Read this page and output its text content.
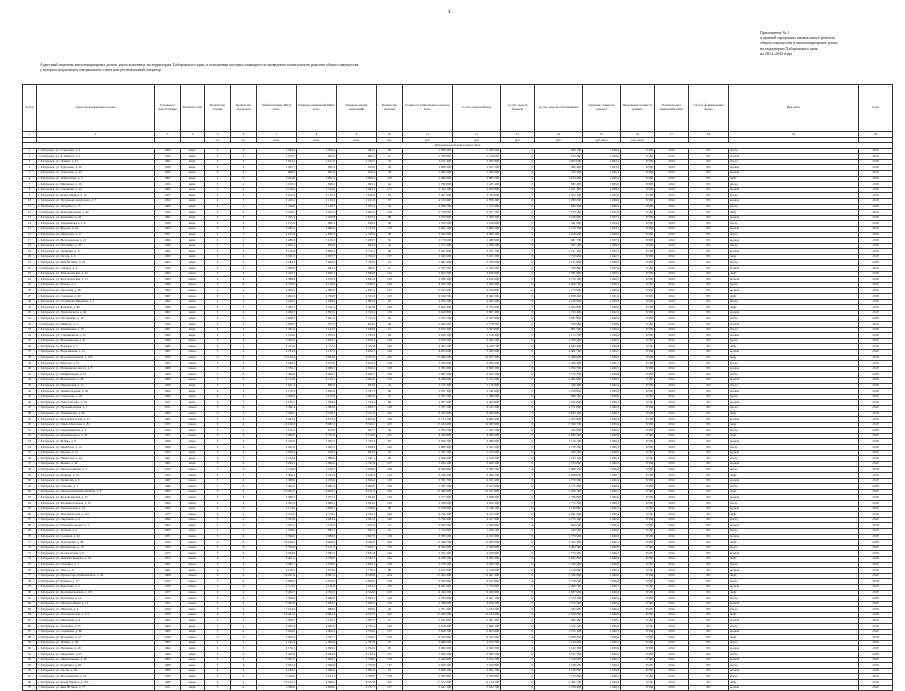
4
Приложение № 1
к краевой программе капитального ремонта
общего имущества в многоквартирных домах
на территории Хабаровского края
на 2014–2043 годы
Адресный перечень многоквартирных домов, расположенных на территории Хабаровского края, в отношении которых планируется проведение капитального ремонта общего имущества
у которых владельцем специального счета или региональный оператор
№ п/п	Адрес многоквартирного дома	Год ввода в эксплуатацию	Материал стен	Количество этажей	Количество подъездов	Общая площадь МКД, всего	Площадь помещений МКД, всего	Площадь жилых помещений	Количество жителей	Стоимость капитального ремонта, всего	за счет средств Фонда	за счет средств бюджета	за счет средств собственников	Удельная стоимость ремонта	Предельная стоимость ремонта	Плановая дата завершения работ	Способ формирования фонда	Вид работ	Срок
1	2	3	4	5	6	7	8	9	10	11	12	13	14	15	16	17	18	19	20
				ед.	ед.	кв.м	кв.м	кв.м	чел.	руб.	руб.	руб.	руб.	руб./кв.м	руб./кв.м				
Муниципальный район имени Лазо																			
1	г. Хабаровск, ул. Серышева, д. 6	1960	кирп.	4	2	1 264,6	1 056,4	982,3	48	2 058 300	1 450 200	0	608 100	1 948,4	8 500	2014	РО	фасад	2018
2	г. Хабаровск, ул. К. Маркса, д. 5	1956	кирп.	3	2	1 078,2	902,5	866,1	41	1 740 900	1 130 600	0	610 300	1 929,0	8 500	2014	РО	кровля	2018
3	г. Хабаровск, ул. Ленина, д. 12	1961	кирп.	4	3	1 854,3	1 611,0	1 520,7	74	3 211 400	2 207 800	0	1 003 600	1 993,4	8 500	2014	РО	фасад	2018
4	г. Хабаровск, ул. Тургенева, д. 30	1958	кирп.	3	2	1 002,7	864,3	812,0	36	1 688 500	1 102 100	0	586 400	1 953,6	8 500	2014	РО	кровля	2018
5	г. Хабаровск, ул. Тургенева, д. 32	1959	кирп.	3	2	998,5	861,9	810,4	39	1 660 200	1 090 000	0	570 200	1 926,2	8 500	2014	РО	кровля	2018
6	г. Хабаровск, ул. Лермонтова, д. 3	1962	кирп.	5	4	3 204,8	2 801,4	2 690,2	126	5 480 000	3 805 700	0	1 674 300	1 956,2	8 500	2014	РО	лифт	2018
7	г. Хабаровск, ул. Шевченко, д. 10	1955	кирп.	3	2	1 120,5	960,2	900,1	44	1 790 800	1 205 400	0	585 400	1 865,0	8 500	2014	РО	фасад	2018
8	г. Хабаровск, ул. Серышева, д. 22	1963	кирп.	5	4	3 118,6	2 744,9	2 602,5	131	5 322 100	3 650 800	0	1 671 300	1 938,9	8 500	2014	РО	кровля	2018
9	г. Хабаровск, ул. Карла Маркса, д. 19	1957	кирп.	4	3	2 012,4	1 745,3	1 650,8	83	3 407 900	2 335 600	0	1 072 300	1 952,6	8 500	2014	РО	фасад	2018
10	г. Хабаровск, ул. Муравьева-Амурского, д. 7	1954	кирп.	4	3	2 450,1	2 130,0	2 011,6	97	4 150 400	2 870 200	0	1 280 200	1 948,6	8 500	2014	РО	кровля	2018
11	г. Хабаровск, ул. Запарина, д. 15	1960	кирп.	4	2	1 310,9	1 140,7	1 075,3	52	2 208 700	1 512 400	0	696 300	1 936,3	8 500	2014	РО	фасад	2018
12	г. Хабаровск, ул. Комсомольская, д. 40	1959	кирп.	5	4	3 356,2	2 952,3	2 801,0	140	5 730 600	3 977 100	0	1 753 500	1 941,0	8 500	2014	РО	лифт	2018
13	г. Хабаровск, ул. Калинина, д. 26	1961	кирп.	4	3	2 205,4	1 920,8	1 815,2	88	3 720 900	2 580 300	0	1 140 600	1 937,2	8 500	2014	РО	кровля	2018
14	г. Хабаровск, ул. Дзержинского, д. 8	1958	кирп.	3	2	1 015,6	880,1	828,4	40	1 702 500	1 160 900	0	541 600	1 934,4	8 500	2014	РО	фасад	2018
15	г. Хабаровск, ул. Фрунзе, д. 44	1962	кирп.	5	4	3 280,3	2 880,6	2 733,9	135	5 601 200	3 890 500	0	1 710 700	1 944,5	8 500	2014	РО	кровля	2018
16	г. Хабаровск, ул. Шеронова, д. 11	1957	кирп.	4	3	2 101,8	1 835,2	1 730,6	86	3 560 300	2 460 100	0	1 100 200	1 940,0	8 500	2014	РО	фасад	2018
17	г. Хабаровск, ул. Волочаевская, д. 21	1960	кирп.	4	2	1 288,4	1 120,3	1 058,7	50	2 170 600	1 488 900	0	681 700	1 937,5	8 500	2014	РО	кровля	2018
18	г. Хабаровск, ул. Истомина, д. 33	1956	кирп.	3	2	1 042,1	905,6	852,8	42	1 755 300	1 198 200	0	557 100	1 938,3	8 500	2014	РО	фасад	2018
19	г. Хабаровск, ул. Пушкина, д. 17	1961	кирп.	4	3	2 156,9	1 880,4	1 776,1	90	3 642 800	2 521 700	0	1 121 100	1 937,2	8 500	2014	РО	кровля	2018
20	г. Хабаровск, ул. Гоголя, д. 6	1959	кирп.	5	4	3 301,5	2 903,7	2 752,4	137	5 640 900	3 911 300	0	1 729 600	1 942,7	8 500	2014	РО	лифт	2018
21	г. Хабаровск, ул. Ким Ю Чена, д. 24	1963	кирп.	4	3	2 180,2	1 899,6	1 795,0	91	3 682 400	2 550 600	0	1 131 800	1 938,5	8 500	2014	РО	фасад	2018
22	г. Хабаровск, ул. Гайдара, д. 9	1958	кирп.	3	2	1 030,8	893,2	840,5	41	1 731 000	1 180 200	0	550 800	1 937,9	8 500	2014	РО	кровля	2018
23	г. Хабаровск, ул. Тихоокеанская, д. 52	1964	панел.	5	4	3 410,7	3 002,1	2 846,8	142	5 822 700	4 040 900	0	1 781 800	1 939,5	8 500	2014	РО	лифт	2018
24	г. Хабаровск, ул. Краснодарская, д. 13	1965	панел.	5	4	3 388,0	2 978,4	2 825,2	139	5 780 300	4 010 200	0	1 770 100	1 940,7	8 500	2014	РО	кровля	2018
25	г. Хабаровск, ул. Вахова, д. 5	1966	панел.	5	6	4 720,6	4 150,9	3 939,5	196	8 050 100	5 580 400	0	2 469 700	1 939,3	8 500	2014	РО	фасад	2018
26	г. Хабаровск, ул. Аксенова, д. 28	1964	панел.	5	4	3 395,2	2 986,0	2 832,1	141	5 793 400	4 019 800	0	1 773 600	1 940,2	8 500	2014	РО	кровля	2018
27	г. Хабаровск, ул. Суворова, д. 40	1967	панел.	9	2	5 402,3	4 760,8	4 521,6	223	9 240 700	6 402 500	0	2 838 200	1 941,0	8 500	2014	РО	лифт	2018
28	г. Хабаровск, ул. Салтыкова-Щедрина, д. 4	1962	кирп.	4	3	2 190,5	1 908,9	1 803,3	92	3 700 100	2 563 200	0	1 136 900	1 938,4	8 500	2014	РО	фасад	2018
29	г. Хабаровск, ул. Большая, д. 88	1968	панел.	9	2	5 380,1	4 742,4	4 503,8	220	9 200 400	6 375 600	0	2 824 800	1 940,0	8 500	2014	РО	лифт	2018
30	г. Хабаровск, ул. Луначарского, д. 66	1963	кирп.	5	4	3 290,7	2 893,5	2 743,1	136	5 620 800	3 897 400	0	1 723 400	1 942,5	8 500	2014	РО	кровля	2018
31	г. Хабаровск, ул. Постышева, д. 14	1957	кирп.	4	3	2 098,3	1 831,0	1 727,4	85	3 553 700	2 455 800	0	1 097 900	1 940,9	8 500	2014	РО	фасад	2018
32	г. Хабаровск, ул. Шмидта, д. 3	1959	кирп.	3	2	1 008,9	875,4	824,0	40	1 698 200	1 158 300	0	539 900	1 939,9	8 500	2014	РО	кровля	2018
33	г. Хабаровск, ул. Тимирязева, д. 19	1961	кирп.	4	2	1 301,6	1 132,5	1 069,8	51	2 195 300	1 503 800	0	691 500	1 938,4	8 500	2014	РО	фасад	2018
34	г. Хабаровск, ул. Станционная, д. 22	1960	кирп.	4	3	2 144,0	1 870,2	1 765,9	89	3 626 100	2 510 400	0	1 115 700	1 938,9	8 500	2014	РО	кровля	2018
35	г. Хабаровск, ул. Воронежская, д. 41	1966	панел.	5	4	3 402,9	2 994,7	2 840,3	140	5 810 500	4 030 100	0	1 780 400	1 940,2	8 500	2014	РО	фасад	2018
36	г. Хабаровск, ул. Бондаря, д. 7	1969	панел.	9	2	5 415,6	4 772,3	4 532,8	225	9 262 100	6 418 700	0	2 843 400	1 940,8	8 500	2014	РО	лифт	2018
37	г. Хабаровск, ул. Ворошилова, д. 12	1967	панел.	5	6	4 705,2	4 137,5	3 926,1	194	8 025 600	5 563 900	0	2 461 700	1 939,7	8 500	2014	РО	кровля	2018
38	г. Хабаровск, ул. Краснореченская, д. 109	1970	панел.	9	4	10 210,4	9 004,8	8 555,6	425	17 468 200	12 107 300	0	5 360 900	1 939,9	8 500	2014	РО	лифт	2018
39	г. Хабаровск, ул. Юности, д. 10	1965	панел.	5	4	3 380,6	2 972,0	2 819,3	138	5 768 900	4 002 600	0	1 766 300	1 941,1	8 500	2014	РО	фасад	2018
40	г. Хабаровск, ул. Матвеевское шоссе, д. 3	1968	панел.	5	4	3 376,1	2 968,5	2 816,4	139	5 761 000	3 996 300	0	1 764 700	1 940,7	8 500	2014	РО	кровля	2018
41	г. Хабаровск, ул. Панфиловцев, д. 21	1964	панел.	5	4	3 399,8	2 990,2	2 836,7	140	5 800 300	4 024 100	0	1 776 200	1 939,8	8 500	2014	РО	фасад	2018
42	г. Хабаровск, ул. Вокзальная, д. 56	1966	панел.	5	6	4 712,8	4 144,1	3 932,6	195	8 038 000	5 572 200	0	2 465 800	1 939,6	8 500	2014	РО	кровля	2018
43	г. Хабаровск, ул. Пионерская, д. 11	1958	кирп.	3	2	1 021,4	885,0	833,6	41	1 717 300	1 170 900	0	546 400	1 940,4	8 500	2014	РО	фасад	2018
44	г. Хабаровск, ул. Ленинградская, д. 30	1962	кирп.	4	3	2 170,3	1 892,6	1 787,2	90	3 671 500	2 542 900	0	1 128 600	1 939,9	8 500	2014	РО	кровля	2018
45	г. Хабаровск, ул. Советская, д. 18	1960	кирп.	4	2	1 296,2	1 127,8	1 065,0	51	2 187 700	1 498 600	0	689 100	1 939,8	8 500	2014	РО	фасад	2018
46	г. Хабаровск, ул. Льва Толстого, д. 22	1957	кирп.	4	3	2 106,7	1 838,9	1 734,2	86	3 567 600	2 464 800	0	1 102 800	1 940,1	8 500	2014	РО	кровля	2018
47	г. Хабаровск, ул. Промышленная, д. 7	1971	панел.	5	4	3 392,4	2 982,6	2 829,7	140	5 787 100	4 015 300	0	1 771 800	1 940,3	8 500	2014	РО	фасад	2018
48	г. Хабаровск, ул. Ульяновская, д. 60	1969	панел.	9	2	5 398,7	4 758,1	4 517,9	222	9 233 900	6 399 800	0	2 834 100	1 940,7	8 500	2014	РО	лифт	2018
49	г. Хабаровск, ул. Краснофлотская, д. 25	1965	панел.	5	4	3 384,3	2 975,9	2 822,6	139	5 774 200	4 006 400	0	1 767 800	1 940,3	8 500	2014	РО	кровля	2018
50	г. Хабаровск, ул. Павла Морозова, д. 81	1972	панел.	9	4	10 190,8	8 987,3	8 540,1	423	17 434 600	12 083 900	0	5 350 700	1 939,9	8 500	2014	РО	лифт	2018
51	г. Хабаровск, ул. Орджоникидзе, д. 5	1959	кирп.	3	2	1 012,3	878,6	827,1	40	1 704 700	1 162 700	0	542 000	1 940,2	8 500	2014	РО	фасад	2018
52	г. Хабаровск, ул. Малиновского, д. 34	1973	панел.	9	2	5 390,5	4 751,0	4 510,9	221	9 220 800	6 390 400	0	2 830 400	1 940,8	8 500	2014	РО	лифт	2018
53	г. Хабаровск, ул. Кубяка, д. 9	1958	кирп.	4	3	2 120,6	1 850,7	1 745,3	87	3 590 700	2 480 600	0	1 110 100	1 940,2	8 500	2014	РО	кровля	2018
54	г. Хабаровск, ул. Джамбула, д. 14	1966	панел.	5	4	3 401,0	2 992,5	2 838,2	140	5 806 400	4 027 200	0	1 779 200	1 940,3	8 500	2014	РО	фасад	2018
55	г. Хабаровск, ул. Кирова, д. 12	1955	кирп.	3	2	1 060,4	918,3	863,9	43	1 781 500	1 215 200	0	566 300	1 940,0	8 500	2014	РО	кровля	2018
56	г. Хабаровск, ул. Некрасова, д. 44	1961	кирп.	4	3	2 162,8	1 886,0	1 781,1	90	3 659 400	2 534 300	0	1 125 100	1 940,3	8 500	2014	РО	фасад	2018
57	г. Хабаровск, ул. Яшина, д. 40	1963	кирп.	5	4	3 296,1	2 898,2	2 747,9	137	5 624 100	3 900 500	0	1 723 600	1 940,5	8 500	2014	РО	кровля	2018
58	г. Хабаровск, ул. Прогрессивная, д. 4	1970	панел.	5	6	4 716,9	4 148,7	3 936,8	196	8 049 800	5 580 700	0	2 469 100	1 940,3	8 500	2014	РО	фасад	2018
59	г. Хабаровск, ул. Кочнева, д. 16	1974	панел.	9	2	5 406,2	4 765,4	4 526,3	224	9 248 300	6 409 700	0	2 838 600	1 940,7	8 500	2014	РО	лифт	2018
60	г. Хабаровск, ул. Целинная, д. 6	1967	панел.	5	4	3 388,9	2 979,6	2 826,4	139	5 781 700	4 011 400	0	1 770 300	1 940,4	8 500	2014	РО	кровля	2018
61	г. Хабаровск, ул. Сысоева, д. 1	1968	панел.	5	4	3 391,2	2 981,4	2 828,6	140	5 785 100	4 013 900	0	1 771 200	1 940,4	8 500	2014	РО	фасад	2018
62	г. Хабаровск, ул. Пятидесятилетия Октября, д. 8	1969	панел.	9	4	10 205,5	9 000,1	8 551,3	424	17 460 900	12 101 800	0	5 359 100	1 940,1	8 500	2014	РО	лифт	2018
63	г. Хабаровск, ул. Краснодарская, д. 27	1965	панел.	5	4	3 386,5	2 977,1	2 824,0	139	5 777 400	4 008 600	0	1 768 800	1 940,6	8 500	2014	РО	кровля	2018
64	г. Хабаровск, ул. Владивостокская, д. 35	1964	панел.	5	4	3 397,4	2 988,1	2 834,2	140	5 798 000	4 022 300	0	1 775 700	1 940,3	8 500	2014	РО	фасад	2018
65	г. Хабаровск, ул. Хабаровская, д. 19	1962	кирп.	4	3	2 174,6	1 896,3	1 790,8	90	3 678 900	2 548 100	0	1 130 800	1 940,1	8 500	2014	РО	кровля	2018
66	г. Хабаровск, ул. Тихоокеанская, д. 127	1975	панел.	9	2	5 412,0	4 770,2	4 530,4	224	9 256 200	6 415 000	0	2 841 200	1 940,4	8 500	2014	РО	лифт	2018
67	г. Хабаровск, ул. Окружная, д. 6	1966	панел.	5	4	3 393,8	2 984,4	2 831,0	140	5 790 900	4 017 800	0	1 773 100	1 940,4	8 500	2014	РО	фасад	2018
68	г. Хабаровск, ул. Рабочий городок, д. 3	1963	кирп.	4	2	1 305,1	1 135,6	1 072,4	51	2 203 200	1 509 000	0	694 200	1 940,1	8 500	2014	РО	кровля	2018
69	г. Хабаровск, ул. Зеленая, д. 5	1960	кирп.	3	2	1 018,0	882,7	831,2	41	1 712 600	1 168 100	0	544 500	1 940,2	8 500	2014	РО	фасад	2018
70	г. Хабаровск, ул. Союзная, д. 23	1971	панел.	5	4	3 390,0	2 980,5	2 827,5	139	5 783 500	4 012 600	0	1 770 900	1 940,5	8 500	2014	РО	кровля	2018
71	г. Хабаровск, ул. Трехгорная, д. 48	1976	панел.	9	4	10 198,2	8 994,0	8 546,0	424	17 448 700	12 093 600	0	5 355 100	1 940,1	8 500	2014	РО	лифт	2018
72	г. Хабаровск, ул. Флегонтова, д. 10	1972	панел.	5	6	4 709,8	4 141,3	3 929,7	195	8 034 300	5 569 800	0	2 464 500	1 940,0	8 500	2014	РО	фасад	2018
73	г. Хабаровск, ул. Космическая, д. 9	1973	панел.	5	4	3 394,6	2 985,3	2 831,8	140	5 792 400	4 018 900	0	1 773 500	1 940,3	8 500	2014	РО	кровля	2018
74	г. Хабаровск, ул. Демьяна Бедного, д. 19	1974	панел.	9	2	5 401,4	4 760,0	4 520,7	223	9 238 100	6 402 300	0	2 835 800	1 940,8	8 500	2014	РО	лифт	2018
75	г. Хабаровск, ул. Гагарина, д. 3	1967	панел.	5	4	3 387,7	2 978,0	2 825,1	139	5 779 100	4 009 700	0	1 769 400	1 940,6	8 500	2014	РО	фасад	2018
76	г. Хабаровск, ул. Лазо, д. 11	1961	кирп.	4	3	2 150,2	1 874,8	1 770,3	89	3 637 800	2 518 900	0	1 118 900	1 940,3	8 500	2014	РО	кровля	2018
77	г. Хабаровск, ул. Профессора Даниловского, д. 20	1968	панел.	9	4	10 201,9	8 997,2	8 548,8	424	17 454 300	12 097 400	0	5 356 900	1 940,0	8 500	2014	РО	лифт	2018
78	г. Хабаровск, ул. Руднева, д. 15	1975	панел.	5	4	3 389,3	2 979,9	2 826,8	139	5 782 000	4 011 800	0	1 770 200	1 940,3	8 500	2014	РО	фасад	2018
79	г. Хабаровск, ул. Березовка, д. 2	1976	панел.	5	6	4 713,5	4 145,0	3 933,4	195	8 041 600	5 574 900	0	2 466 700	1 940,1	8 500	2014	РО	кровля	2018
80	г. Хабаровск, ул. Краснореченская, д. 155	1977	панел.	9	2	5 404,7	4 763,3	4 524,0	223	9 244 500	6 406 900	0	2 837 600	1 940,8	8 500	2014	РО	лифт	2018
81	г. Хабаровск, ул. Ключевая, д. 12	1970	панел.	5	4	3 396,0	2 986,8	2 833,1	140	5 795 800	4 021 100	0	1 774 700	1 940,4	8 500	2014	РО	фасад	2018
82	г. Хабаровск, ул. Прогрессивная, д. 14	1971	панел.	5	4	3 392,8	2 983,2	2 830,2	140	5 788 600	4 016 200	0	1 772 400	1 940,4	8 500	2014	РО	кровля	2018
83	г. Хабаровск, ул. Шкотова, д. 9	1959	кирп.	3	2	1 014,2	880,0	828,9	40	1 707 400	1 164 500	0	542 900	1 940,2	8 500	2014	РО	фасад	2018
84	г. Хабаровск, ул. Тихоокеанская, д. 173	1978	панел.	9	4	10 207,6	9 002,4	8 553,7	425	17 464 500	12 104 600	0	5 359 900	1 940,0	8 500	2014	РО	лифт	2018
85	г. Хабаровск, ул. Школьная, д. 6	1962	кирп.	4	2	1 298,7	1 130,1	1 067,2	51	2 191 800	1 501 400	0	690 400	1 939,5	8 500	2014	РО	кровля	2018
86	г. Хабаровск, ул. Запарина, д. 53	1964	кирп.	5	4	3 293,4	2 895,9	2 745,3	136	5 618 200	3 896 100	0	1 722 100	1 940,0	8 500	2014	РО	фасад	2018
87	г. Хабаровск, ул. Серышева, д. 60	1965	кирп.	5	4	3 299,0	2 900,4	2 750,0	137	5 628 700	3 903 600	0	1 725 100	1 940,7	8 500	2014	РО	кровля	2018
88	г. Хабаровск, ул. Калараша, д. 27	1979	панел.	9	2	5 409,3	4 767,7	4 528,5	224	9 252 000	6 412 300	0	2 839 700	1 940,6	8 500	2014	РО	лифт	2018
89	г. Хабаровск, ул. Ленина, д. 58	1963	кирп.	4	3	2 182,4	1 902,0	1 797,6	91	3 688 200	2 554 700	0	1 133 500	1 939,1	8 500	2014	РО	фасад	2018
90	г. Хабаровск, ул. Пушкина, д. 49	1964	кирп.	4	3	2 176,1	1 898,4	1 792,9	90	3 682 600	2 550 300	0	1 132 300	1 939,9	8 500	2014	РО	кровля	2018
91	г. Хабаровск, ул. Шеронова, д. 97	1966	кирп.	5	4	3 302,8	2 904,9	2 754,4	137	5 636 200	3 908 500	0	1 727 700	1 940,2	8 500	2014	РО	фасад	2018
92	г. Хабаровск, ул. Дикопольцева, д. 26	1967	кирп.	5	4	3 307,5	2 909,1	2 758,0	138	5 644 000	3 914 100	0	1 729 900	1 940,1	8 500	2014	РО	кровля	2018
93	г. Хабаровск, ул. Калинина, д. 84	1968	кирп.	5	4	3 304,2	2 906,6	2 755,8	137	5 639 300	3 910 800	0	1 728 500	1 940,2	8 500	2014	РО	фасад	2018
94	г. Хабаровск, ул. Гоголя, д. 29	1969	кирп.	4	3	2 188,7	1 906,5	1 801,0	91	3 698 300	2 561 700	0	1 136 600	1 939,8	8 500	2014	РО	кровля	2018
95	г. Хабаровск, ул. Волочаевская, д. 74	1970	кирп.	5	4	3 310,6	2 912,3	2 760,9	138	5 650 800	3 918 800	0	1 732 000	1 940,3	8 500	2014	РО	фасад	2018
96	г. Хабаровск, ул. Карла Маркса, д. 103	1980	панел.	9	4	10 212,1	9 006,9	8 557,8	425	17 472 600	12 110 500	0	5 362 100	1 939,9	8 500	2014	РО	лифт	2018
97	г. Хабаровск, ул. Ким Ю Чена, д. 77	1971	кирп.	5	4	3 306,0	2 908,0	2 757,1	137	5 642 100	3 912 700	0	1 729 400	1 940,2	8 500	2014	РО	кровля	2018
